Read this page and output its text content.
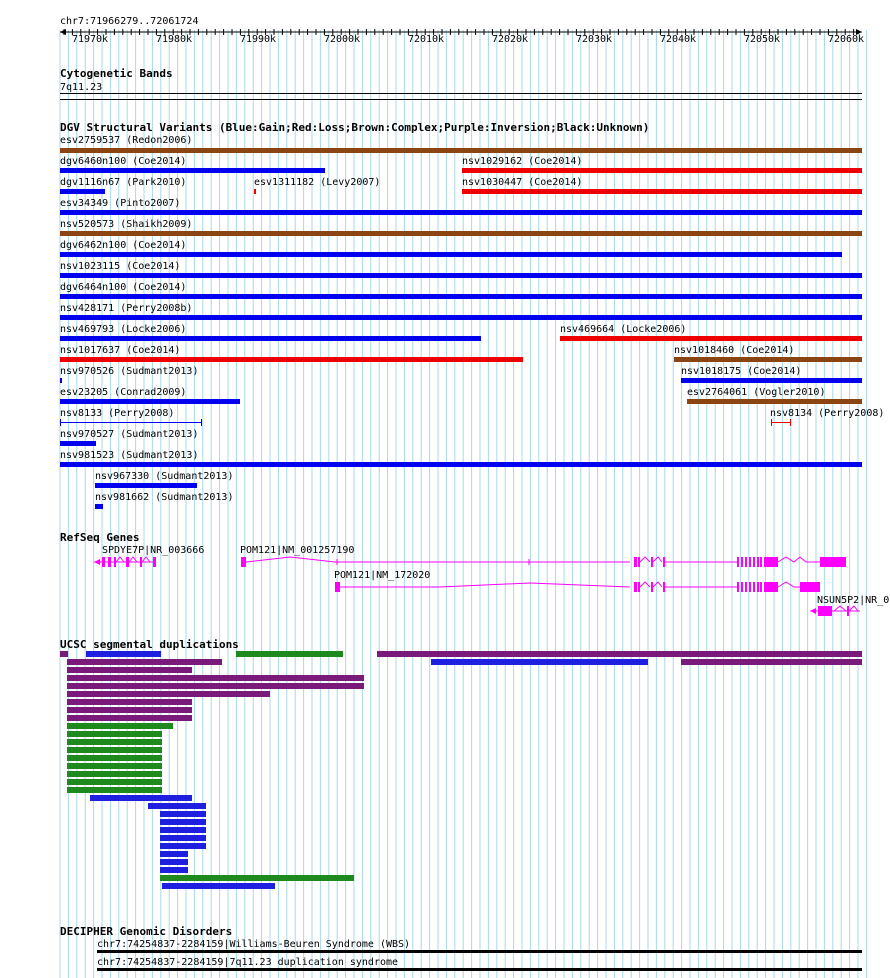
chr7:71966279..72061724
71970k	71980k	71990k	72000k	72010k	72020k	72030k	72040k	72050k	72060k
Cytogenetic Bands
7q11.23
DGV Structural Variants (Blue:Gain;Red:Loss;Brown:Complex;Purple:Inversion;Black:Unknown)
esv2759537 (Redon2006)
dgv6460n100 (Coe2014)	nsv1029162 (Coe2014)
dgv1116n67 (Park2010)	esv1311182 (Levy2007)	nsv1030447 (Coe2014)
esv34349 (Pinto2007)
nsv520573 (Shaikh2009)
dgv6462n100 (Coe2014)
nsv1023115 (Coe2014)
dgv6464n100 (Coe2014)
nsv428171 (Perry2008b)
nsv469793 (Locke2006)	nsv469664 (Locke2006)
nsv1017637 (Coe2014)	nsv1018460 (Coe2014)
nsv970526 (Sudmant2013)	nsv1018175 (Coe2014)
esv23205 (Conrad2009)	esv2764061 (Vogler2010)
nsv8133 (Perry2008)	nsv8134 (Perry2008)
nsv970527 (Sudmant2013)
nsv981523 (Sudmant2013)
nsv967330 (Sudmant2013)
nsv981662 (Sudmant2013)
RefSeq Genes
SPDYE7P|NR_003666	POM121|NM_001257190
POM121|NM_172020
NSUN5P2|NR_0
UCSC segmental duplications
DECIPHER Genomic Disorders
chr7:74254837-2284159|Williams-Beuren Syndrome (WBS)
chr7:74254837-2284159|7q11.23 duplication syndrome
